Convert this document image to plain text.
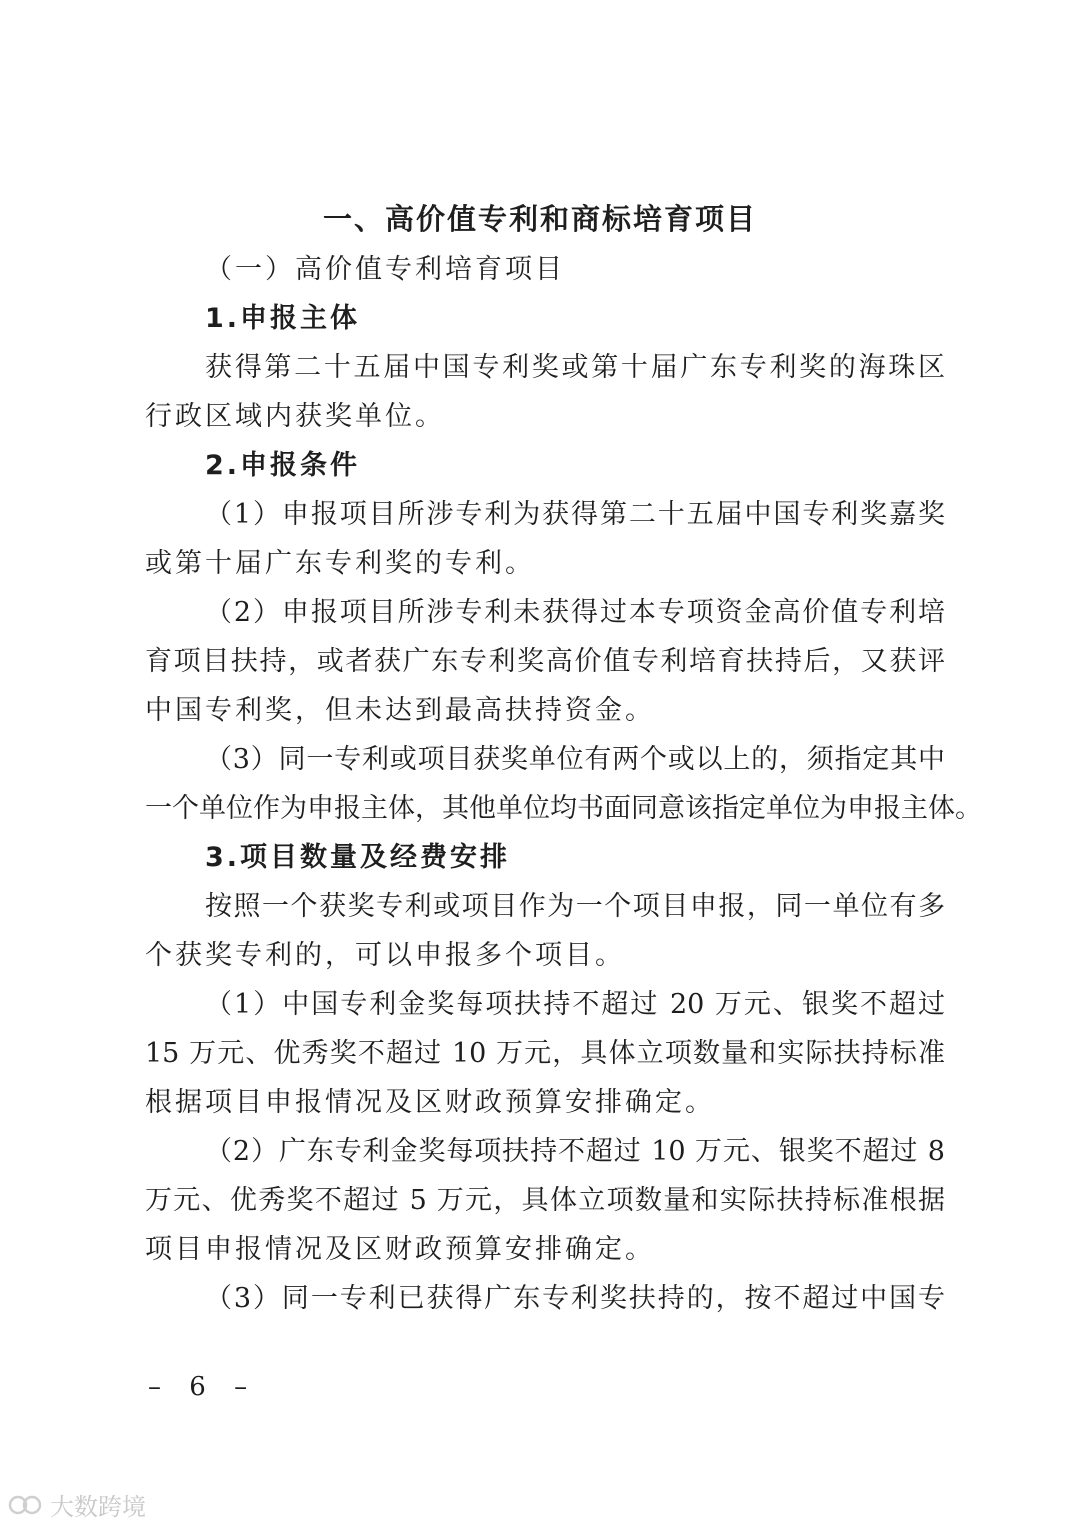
一、高价值专利和商标培育项目
（一）高价值专利培育项目
1.申报主体
获得第二十五届中国专利奖或第十届广东专利奖的海珠区
行政区域内获奖单位。
2.申报条件
（1）申报项目所涉专利为获得第二十五届中国专利奖嘉奖
或第十届广东专利奖的专利。
（2）申报项目所涉专利未获得过本专项资金高价值专利培
育项目扶持，或者获广东专利奖高价值专利培育扶持后，又获评
中国专利奖，但未达到最高扶持资金。
（3）同一专利或项目获奖单位有两个或以上的，须指定其中
一个单位作为申报主体，其他单位均书面同意该指定单位为申报主体。
3.项目数量及经费安排
按照一个获奖专利或项目作为一个项目申报，同一单位有多
个获奖专利的，可以申报多个项目。
（1）中国专利金奖每项扶持不超过 20 万元、银奖不超过
15 万元、优秀奖不超过 10 万元，具体立项数量和实际扶持标准
根据项目申报情况及区财政预算安排确定。
（2）广东专利金奖每项扶持不超过 10 万元、银奖不超过 8
万元、优秀奖不超过 5 万元，具体立项数量和实际扶持标准根据
项目申报情况及区财政预算安排确定。
（3）同一专利已获得广东专利奖扶持的，按不超过中国专
– 6 –
大数跨境
